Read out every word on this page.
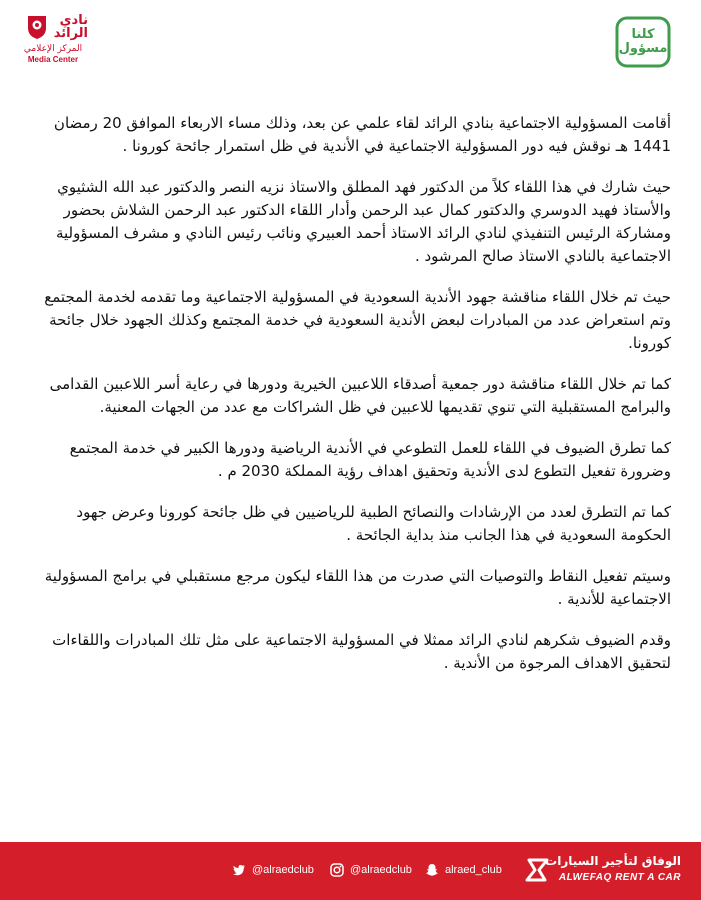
نادي الرائد
المركز الإعلامي
Media Center
كلنا مسؤول

أقامت المسؤولية الاجتماعية بنادي الرائد لقاء علمي عن بعد، وذلك مساء الاربعاء الموافق 20 رمضان 1441 هـ نوقش فيه دور المسؤولية الاجتماعية في الأندية في ظل استمرار جائحة كورونا .

حيث شارك في هذا اللقاء كلاً من الدكتور فهد المطلق والاستاذ نزيه النصر والدكتور عبد الله الشثيوي والأستاذ فهيد الدوسري والدكتور كمال عبد الرحمن وأدار اللقاء الدكتور عبد الرحمن الشلاش بحضور ومشاركة الرئيس التنفيذي لنادي الرائد الاستاذ أحمد العبيري ونائب رئيس النادي و مشرف المسؤولية الاجتماعية بالنادي الاستاذ صالح المرشود .

حيث تم خلال اللقاء مناقشة جهود الأندية السعودية في المسؤولية الاجتماعية وما تقدمه لخدمة المجتمع وتم استعراض عدد من المبادرات لبعض الأندية السعودية في خدمة المجتمع وكذلك الجهود خلال جائحة كورونا.

كما تم خلال اللقاء مناقشة دور جمعية أصدقاء اللاعبين الخيرية ودورها في رعاية أسر اللاعبين القدامى والبرامج المستقبلية التي تنوي تقديمها للاعبين في ظل الشراكات مع عدد من الجهات المعنية.

كما تطرق الضيوف في اللقاء للعمل التطوعي في الأندية الرياضية ودورها الكبير في خدمة المجتمع وضرورة تفعيل التطوع لدى الأندية وتحقيق اهداف رؤية المملكة 2030 م .

كما تم التطرق لعدد من الإرشادات والنصائح الطبية للرياضيين في ظل جائحة كورونا وعرض جهود الحكومة السعودية في هذا الجانب منذ بداية الجائحة .

وسيتم تفعيل النقاط والتوصيات التي صدرت من هذا اللقاء ليكون مرجع مستقبلي في برامج المسؤولية الاجتماعية للأندية .

وقدم الضيوف شكرهم لنادي الرائد ممثلا في المسؤولية الاجتماعية على مثل تلك المبادرات واللقاءات لتحقيق الاهداف المرجوة من الأندية .

@alraedclub	@alraedclub	alraed_club
الوفاق لتأجير السيارات
ALWEFAQ RENT A CAR
